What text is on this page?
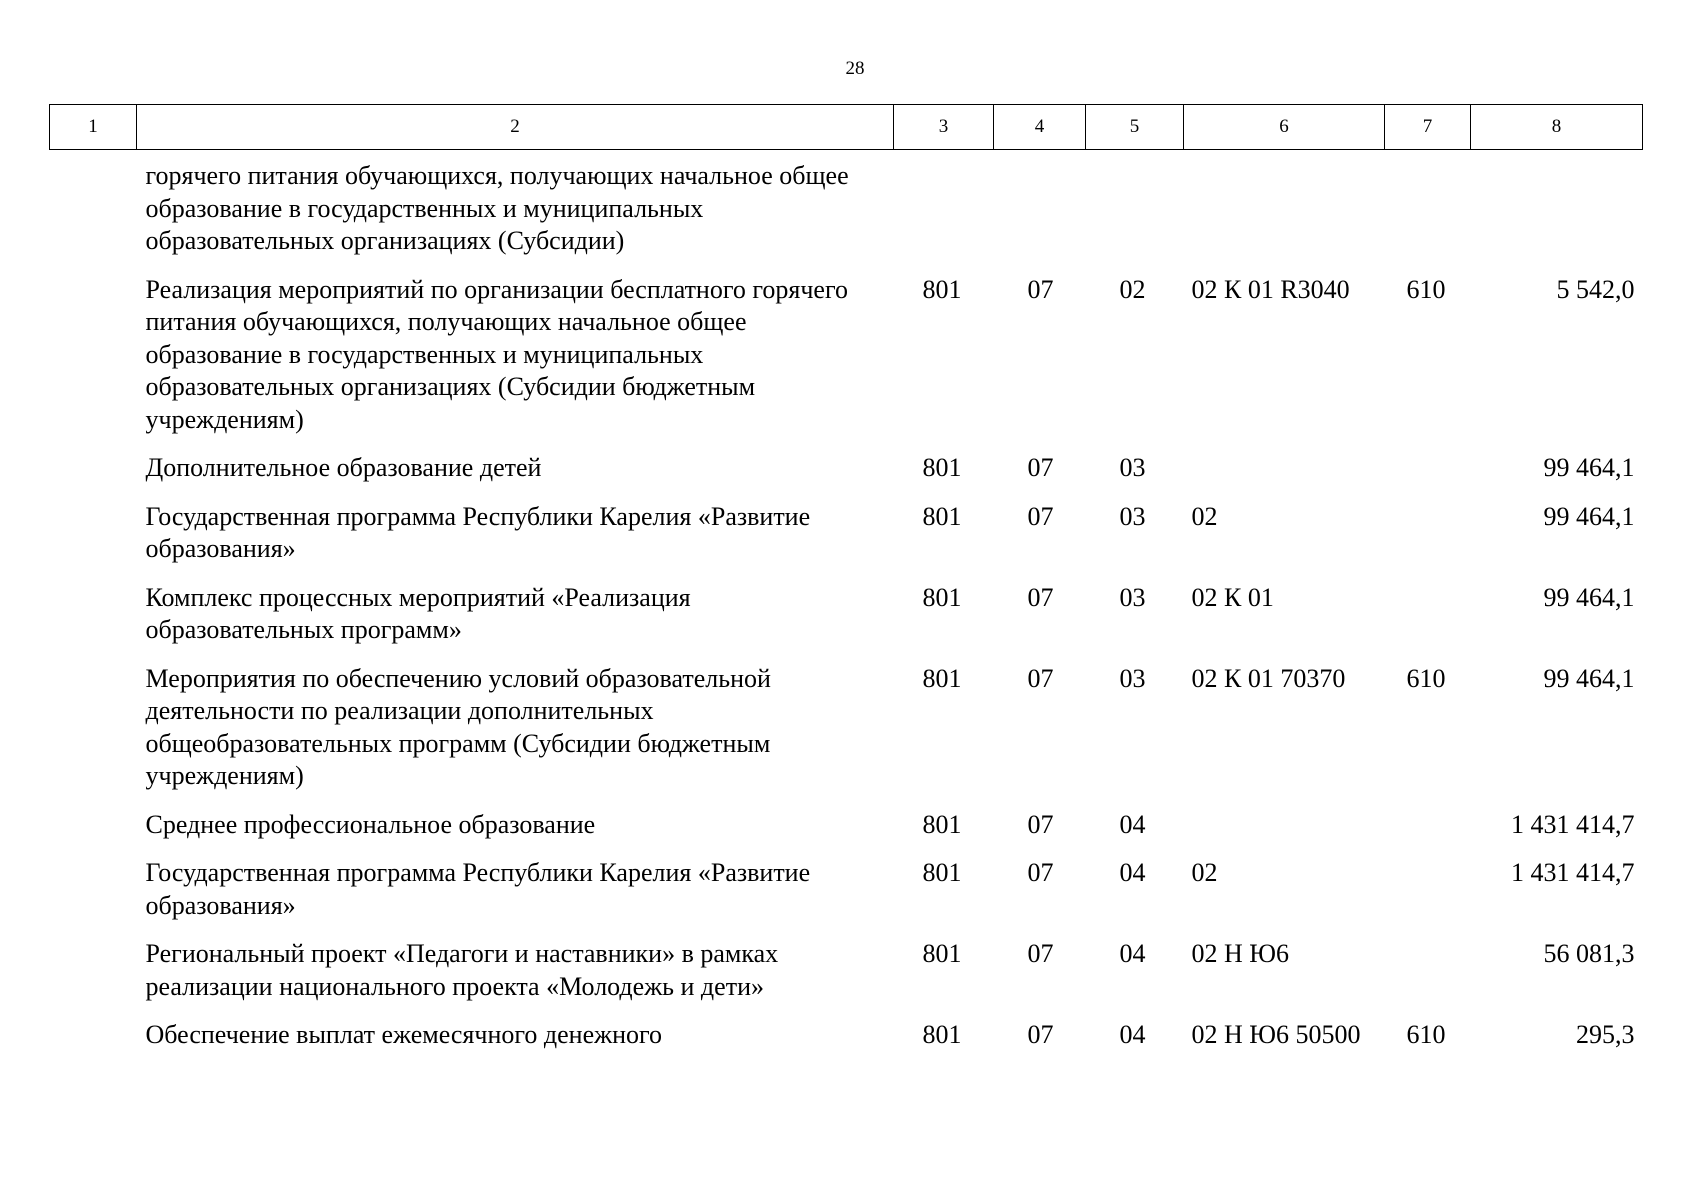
28
1	2	3	4	5	6	7	8
	горячего питания обучающихся, получающих начальное общее образование в государственных и муниципальных образовательных организациях (Субсидии)						
	Реализация мероприятий по организации бесплатного горячего питания обучающихся, получающих начальное общее образование в государственных и муниципальных образовательных организациях (Субсидии бюджетным учреждениям)	801	07	02	02 К 01 R3040	610	5 542,0
	Дополнительное образование детей	801	07	03			99 464,1
	Государственная программа Республики Карелия «Развитие образования»	801	07	03	02		99 464,1
	Комплекс процессных мероприятий «Реализация образовательных программ»	801	07	03	02 К 01		99 464,1
	Мероприятия по обеспечению условий образовательной деятельности по реализации дополнительных общеобразовательных программ (Субсидии бюджетным учреждениям)	801	07	03	02 К 01 70370	610	99 464,1
	Среднее профессиональное образование	801	07	04			1 431 414,7
	Государственная программа Республики Карелия «Развитие образования»	801	07	04	02		1 431 414,7
	Региональный проект «Педагоги и наставники» в рамках реализации национального проекта «Молодежь и дети»	801	07	04	02 Н Ю6		56 081,3
	Обеспечение выплат ежемесячного денежного	801	07	04	02 Н Ю6 50500	610	295,3
